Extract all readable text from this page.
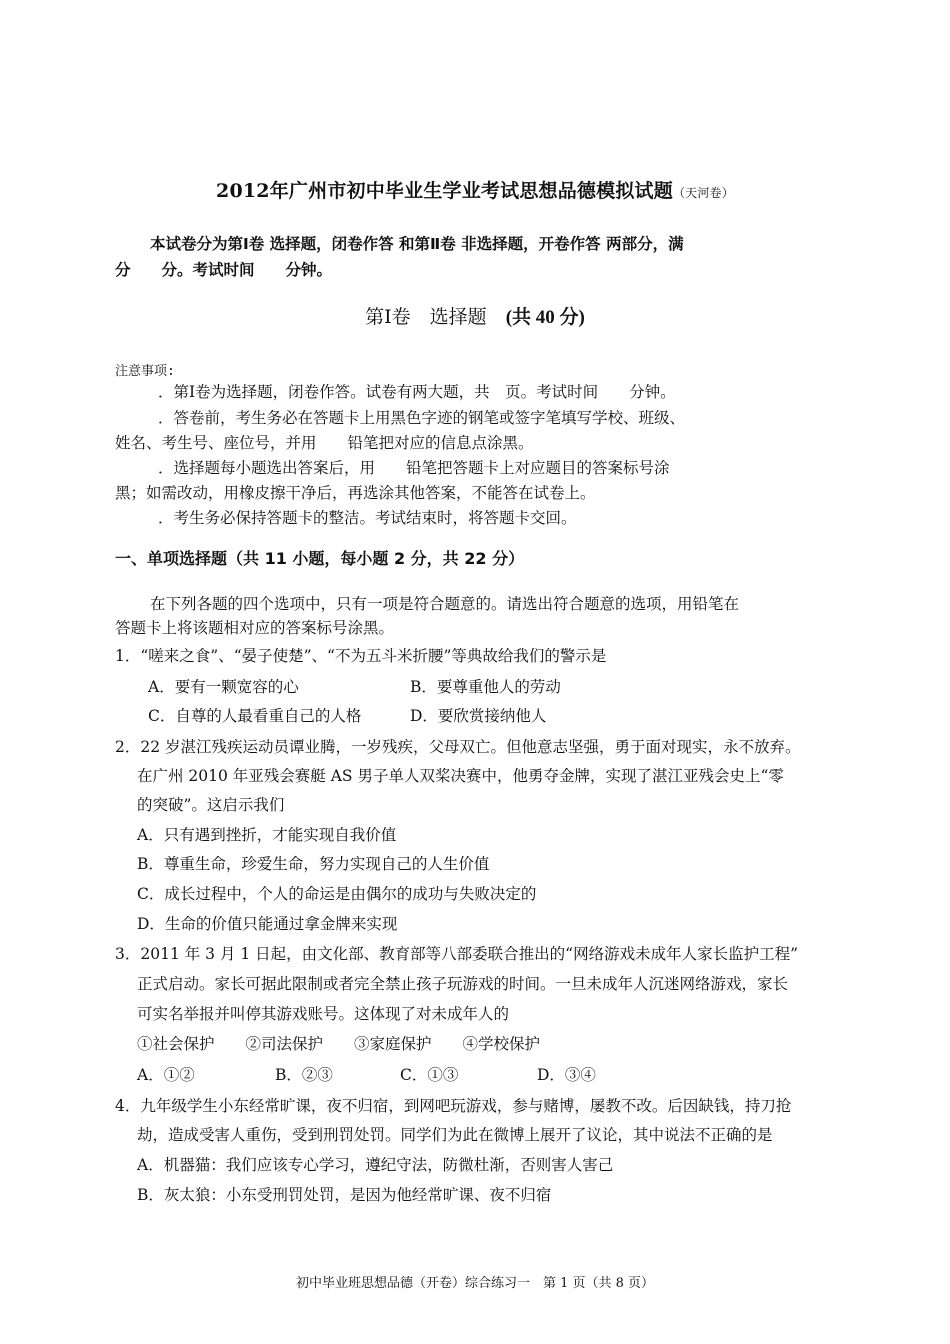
2012年广州市初中毕业生学业考试思想品德模拟试题（天河卷）
本试卷分为第Ⅰ卷 选择题，闭卷作答 和第Ⅱ卷 非选择题，开卷作答 两部分，满
分　　分。考试时间　　分钟。
第Ⅰ卷　选择题　 (共 40 分)
注意事项:
．第Ⅰ卷为选择题，闭卷作答。试卷有两大题，共　页。考试时间　　分钟。
．答卷前，考生务必在答题卡上用黑色字迹的钢笔或签字笔填写学校、班级、
姓名、考生号、座位号，并用　　铅笔把对应的信息点涂黑。
．选择题每小题选出答案后，用　　铅笔把答题卡上对应题目的答案标号涂
黑；如需改动，用橡皮擦干净后，再选涂其他答案，不能答在试卷上。
．考生务必保持答题卡的整洁。考试结束时，将答题卡交回。
一、单项选择题（共 11 小题，每小题 2 分，共 22 分）
在下列各题的四个选项中，只有一项是符合题意的。请选出符合题意的选项，用铅笔在
答题卡上将该题相对应的答案标号涂黑。
1．“嗟来之食”、“晏子使楚”、“不为五斗米折腰”等典故给我们的警示是
A．要有一颗宽容的心	B．要尊重他人的劳动
C．自尊的人最看重自己的人格	D．要欣赏接纳他人
2．22 岁湛江残疾运动员谭业腾，一岁残疾，父母双亡。但他意志坚强，勇于面对现实，永不放弃。
在广州 2010 年亚残会赛艇 AS 男子单人双桨决赛中，他勇夺金牌，实现了湛江亚残会史上“零
的突破”。这启示我们
A．只有遇到挫折，才能实现自我价值
B．尊重生命，珍爱生命，努力实现自己的人生价值
C．成长过程中，个人的命运是由偶尔的成功与失败决定的
D．生命的价值只能通过拿金牌来实现
3．2011 年 3 月 1 日起，由文化部、教育部等八部委联合推出的“网络游戏未成年人家长监护工程”
正式启动。家长可据此限制或者完全禁止孩子玩游戏的时间。一旦未成年人沉迷网络游戏，家长
可实名举报并叫停其游戏账号。这体现了对未成年人的
①社会保护　　②司法保护　　③家庭保护　　④学校保护
A．①②	B．②③	C．①③	D．③④
4．九年级学生小东经常旷课，夜不归宿，到网吧玩游戏，参与赌博，屡教不改。后因缺钱，持刀抢
劫，造成受害人重伤，受到刑罚处罚。同学们为此在微博上展开了议论，其中说法不正确的是
A．机器猫：我们应该专心学习，遵纪守法，防微杜渐，否则害人害己
B．灰太狼：小东受刑罚处罚，是因为他经常旷课、夜不归宿
初中毕业班思想品德（开卷）综合练习一　第 1 页（共 8 页）
